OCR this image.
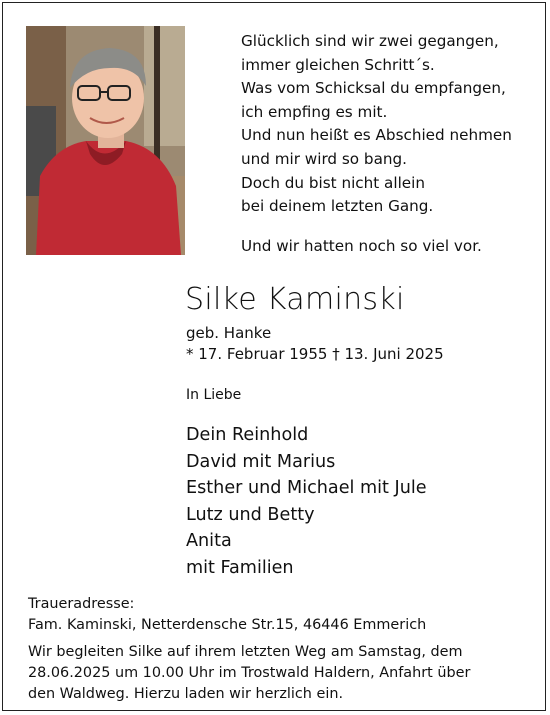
Glücklich sind wir zwei gegangen,
immer gleichen Schritt´s.
Was vom Schicksal du empfangen,
ich empfing es mit.
Und nun heißt es Abschied nehmen
und mir wird so bang.
Doch du bist nicht allein
bei deinem letzten Gang.
Und wir hatten noch so viel vor.
Silke Kaminski
geb. Hanke
* 17. Februar 1955 † 13. Juni 2025
In Liebe
Dein Reinhold
David mit Marius
Esther und Michael mit Jule
Lutz und Betty
Anita
mit Familien
Traueradresse:
Fam. Kaminski, Netterdensche Str.15, 46446 Emmerich
Wir begleiten Silke auf ihrem letzten Weg am Samstag, dem
28.06.2025 um 10.00 Uhr im Trostwald Haldern, Anfahrt über
den Waldweg. Hierzu laden wir herzlich ein.
